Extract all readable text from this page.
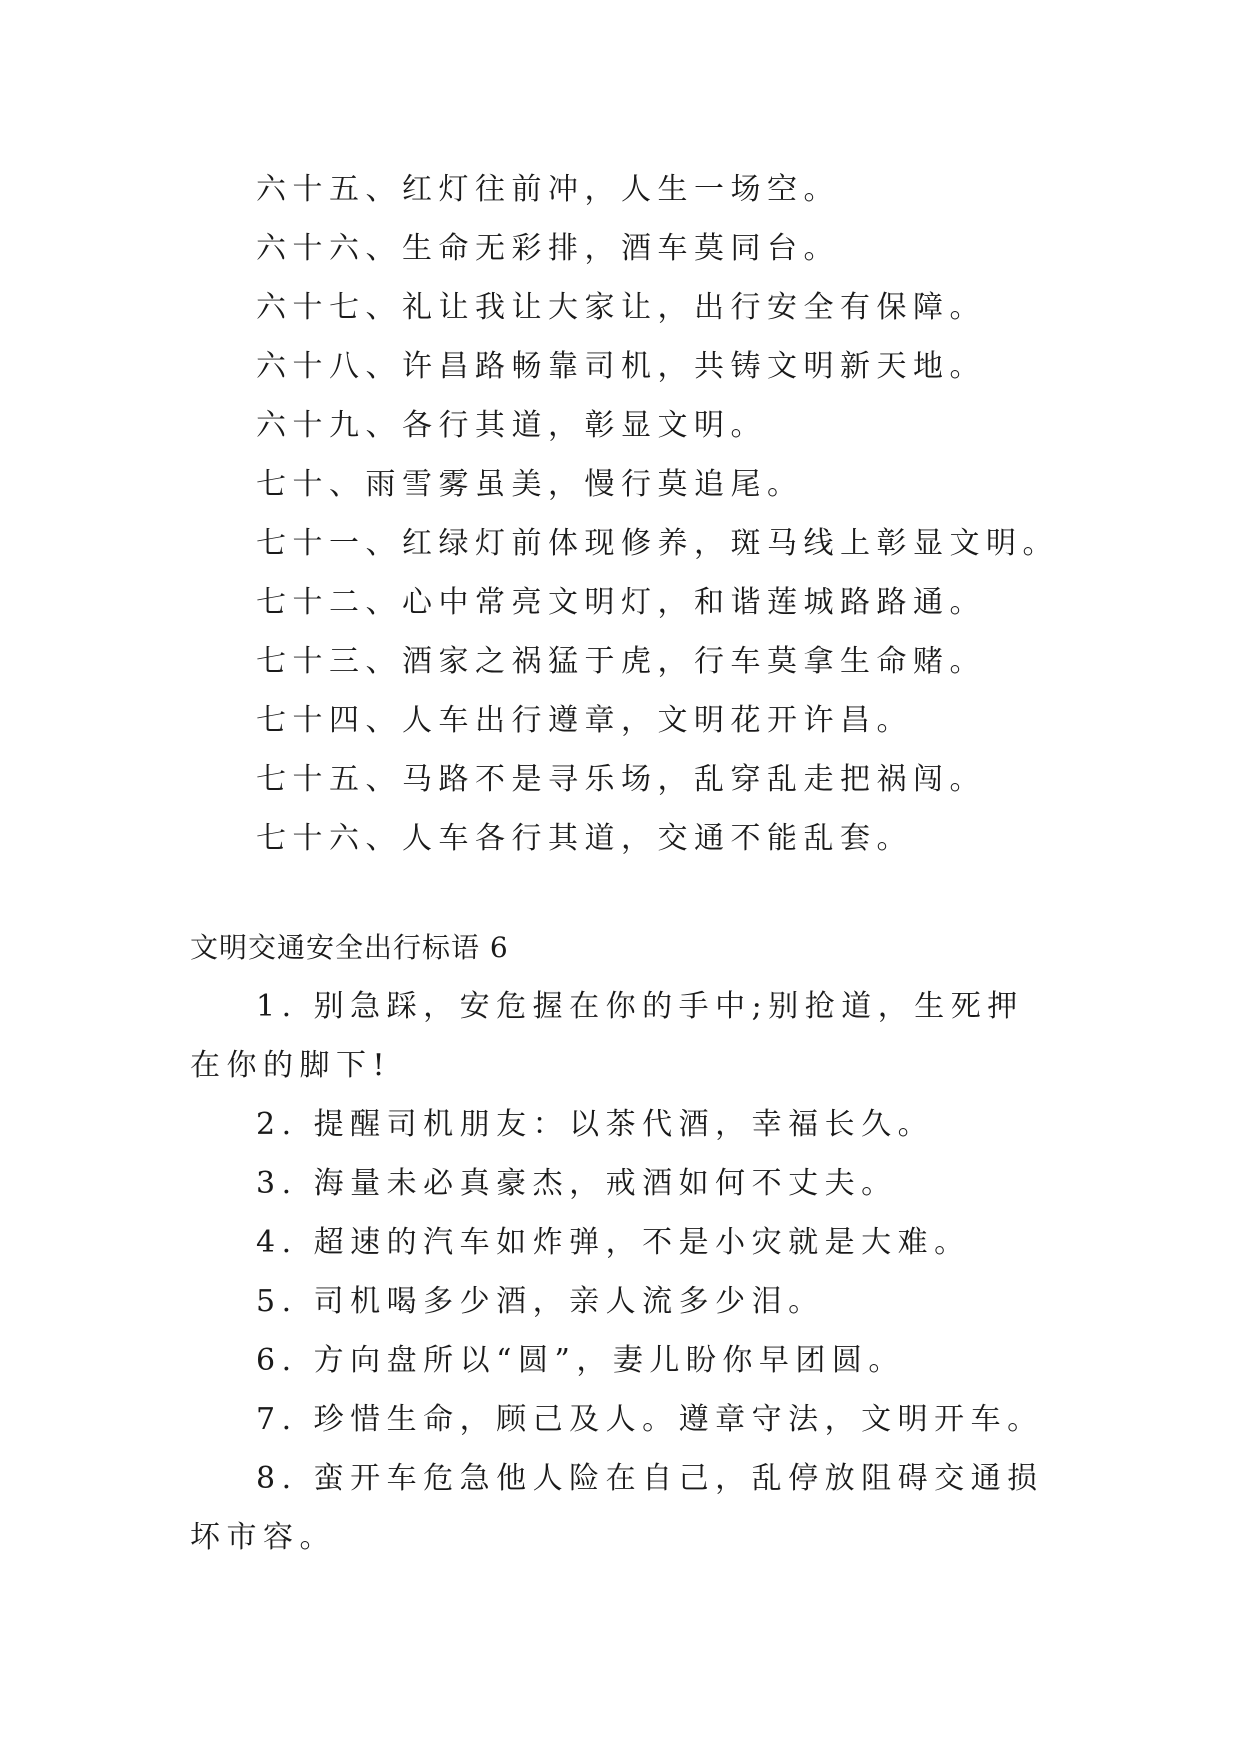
六十五、红灯往前冲，人生一场空。
六十六、生命无彩排，酒车莫同台。
六十七、礼让我让大家让，出行安全有保障。
六十八、许昌路畅靠司机，共铸文明新天地。
六十九、各行其道，彰显文明。
七十、雨雪雾虽美，慢行莫追尾。
七十一、红绿灯前体现修养，斑马线上彰显文明。
七十二、心中常亮文明灯，和谐莲城路路通。
七十三、酒家之祸猛于虎，行车莫拿生命赌。
七十四、人车出行遵章，文明花开许昌。
七十五、马路不是寻乐场，乱穿乱走把祸闯。
七十六、人车各行其道，交通不能乱套。
文明交通安全出行标语 6

1. 别急踩，安危握在你的手中;别抢道，生死押在你的脚下!

2. 提醒司机朋友：以茶代酒，幸福长久。

3. 海量未必真豪杰，戒酒如何不丈夫。

4. 超速的汽车如炸弹，不是小灾就是大难。

5. 司机喝多少酒，亲人流多少泪。

6. 方向盘所以“圆”，妻儿盼你早团圆。

7. 珍惜生命，顾己及人。遵章守法，文明开车。

8. 蛮开车危急他人险在自己，乱停放阻碍交通损坏市容。
